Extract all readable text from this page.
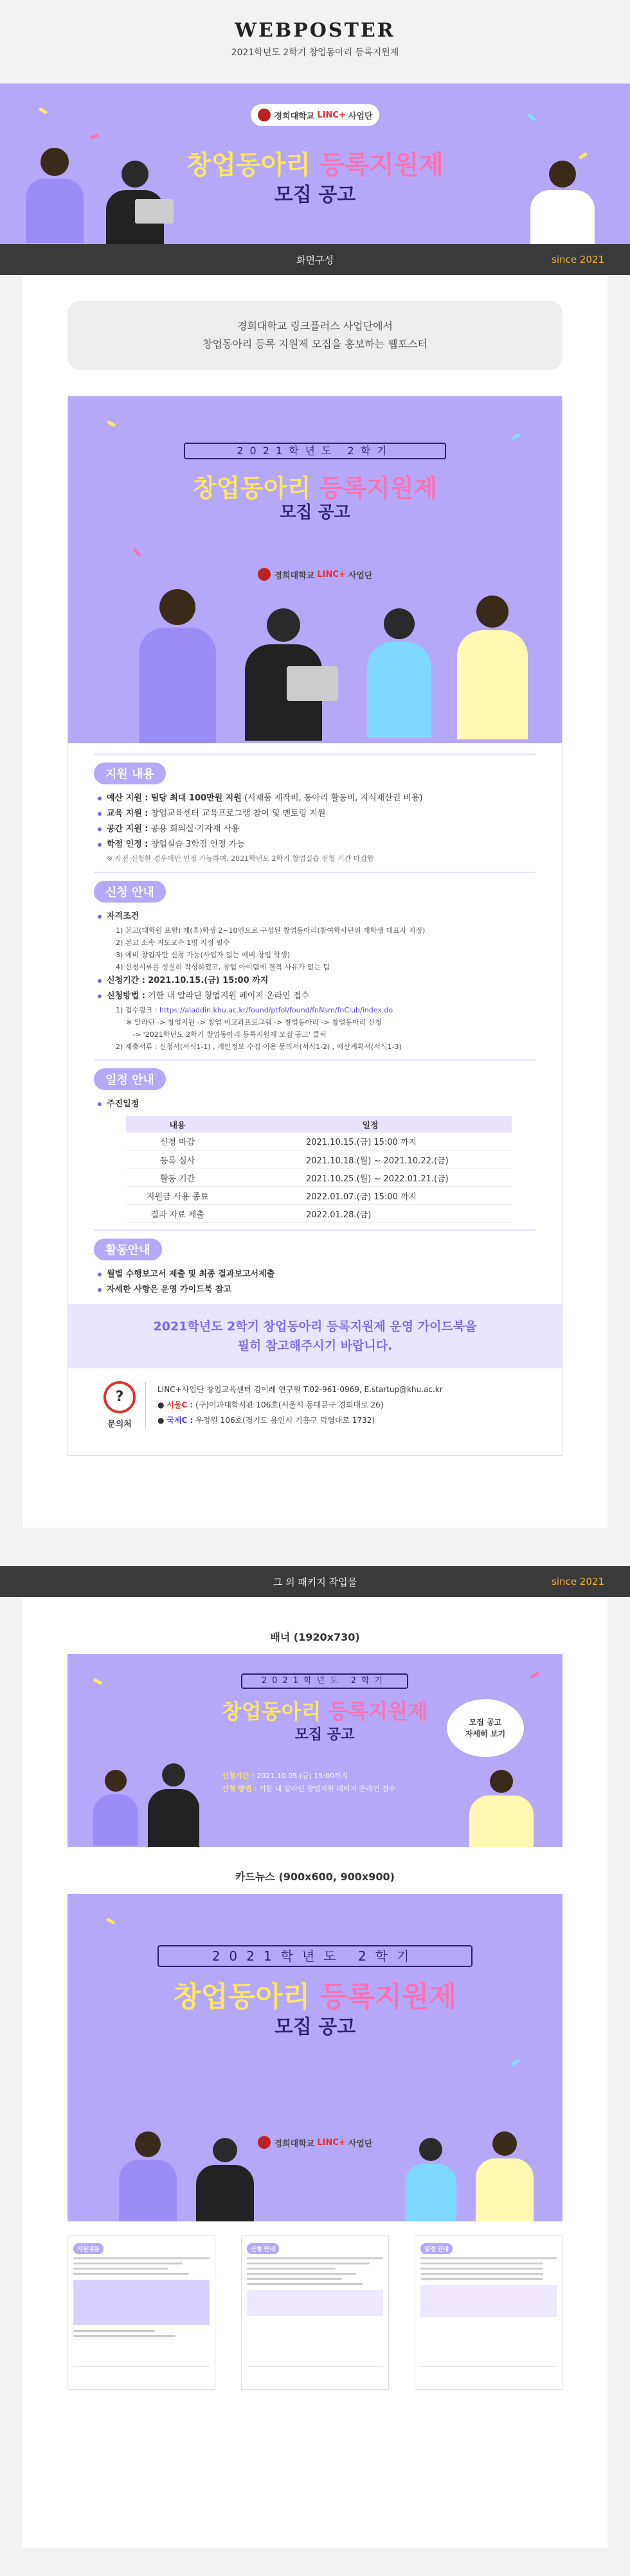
WEBPOSTER
2021학년도 2학기 창업동아리 등록지원제
경희대학교 LINC+ 사업단
창업동아리 등록지원제
모집 공고
화면구성	since 2021
경희대학교 링크플러스 사업단에서
창업동아리 등록 지원제 모집을 홍보하는 웹포스터
2021학년도 2학기
창업동아리 등록지원제
모집 공고
경희대학교 LINC+ 사업단
지원 내용
예산 지원 : 팀당 최대 100만원 지원 (시제품 제작비, 동아리 활동비, 지식재산권 비용)
교육 지원 : 창업교육센터 교육프로그램 참여 및 멘토링 지원
공간 지원 : 공용 회의실·기자재 사용
학점 인정 : 창업실습 3학점 인정 가능
※ 사전 신청한 경우에만 인정 가능하며, 2021학년도 2학기 창업실습 신청 기간 마감함
신청 안내
자격조건
1) 본교(대학원 포함) 재(휴)학생 2~10인으로 구성된 창업동아리(참여학사단위 재학생 대표자 지정)
2) 본교 소속 지도교수 1명 지정 필수
3) 예비 창업자만 신청 가능(사업자 없는 예비 창업 학생)
4) 신청서류를 성실히 작성하였고, 창업 아이템에 결격 사유가 없는 팀
신청기간 : 2021.10.15.(금) 15:00 까지
신청방법 : 기한 내 알라딘 창업지원 페이지 온라인 접수
1) 접수링크 : https://aladdin.khu.ac.kr/found/ptfol/found/fnNsm/fnClub/index.do
※ 알라딘 -> 창업지원 -> 창업 비교과프로그램 -> 창업동아리 -> 창업동아리 신청
-> '2021학년도 2학기 창업동아리 등록지원제 모집 공고' 클릭
2) 제출서류 : 신청서(서식1-1) , 개인정보 수집·이용 동의서(서식1-2) , 예산계획서(서식1-3)
일정 안내
주진일정
내용	일정
신청 마감	2021.10.15.(금) 15:00 까지
등록 심사	2021.10.18.(월) ~ 2021.10.22.(금)
활동 기간	2021.10.25.(월) ~ 2022.01.21.(금)
지원금 사용 종료	2022.01.07.(금) 15:00 까지
결과 자료 제출	2022.01.28.(금)
활동안내
월별 수행보고서 제출 및 최종 결과보고서제출
자세한 사항은 운영 가이드북 참고
2021학년도 2학기 창업동아리 등록지원제 운영 가이드북을
필히 참고해주시기 바랍니다.
?
문의처
LINC+사업단 창업교육센터 김이레 연구원 T.02-961-0969, E.startup@khu.ac.kr
● 서울C : (구)이과대학서관 106호(서울시 동대문구 경희대로 26)
● 국제C : 우정원 106호(경기도 용인시 기흥구 덕영대로 1732)
그 외 패키지 작업물	since 2021
배너 (1920x730)
2021학년도 2학기
창업동아리 등록지원제
모집 공고
모집 공고
자세히 보기
신청기간 : 2021.10.05.(금) 15:00까지
신청 방법 : 기한 내 알라딘 창업지원 페이지 온라인 접수
카드뉴스 (900x600, 900x900)
2021학년도 2학기
창업동아리 등록지원제
모집 공고
경희대학교 LINC+ 사업단
지원내용	신청 안내	일정 안내
